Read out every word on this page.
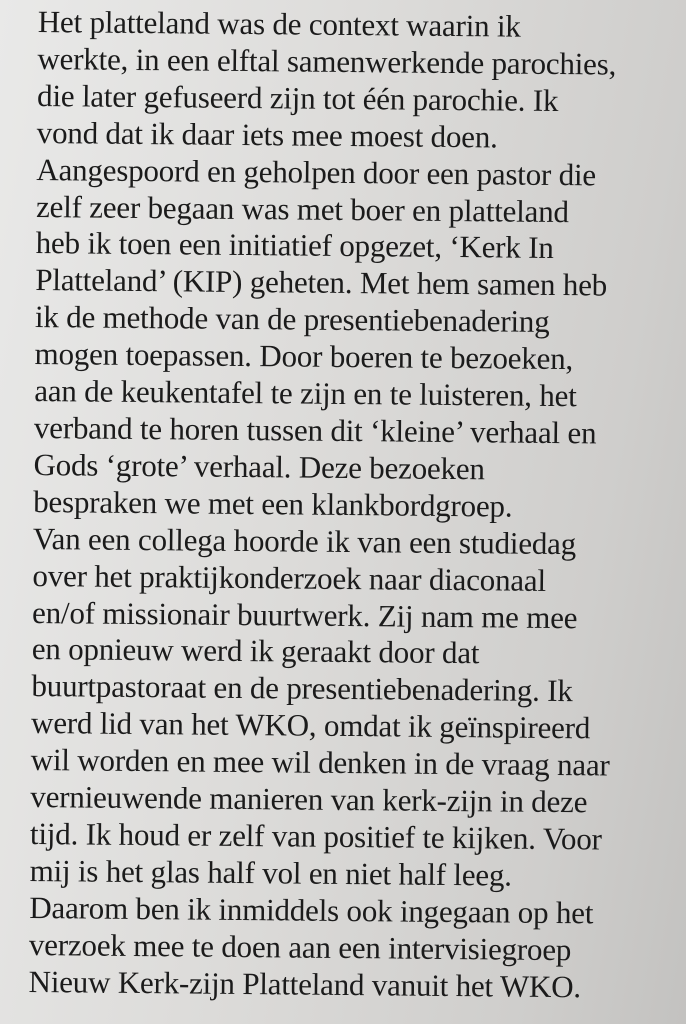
Het platteland was de context waarin ik
werkte, in een elftal samenwerkende parochies,
die later gefuseerd zijn tot één parochie. Ik
vond dat ik daar iets mee moest doen.
Aangespoord en geholpen door een pastor die
zelf zeer begaan was met boer en platteland
heb ik toen een initiatief opgezet, ‘Kerk In
Platteland’ (KIP) geheten. Met hem samen heb
ik de methode van de presentiebenadering
mogen toepassen. Door boeren te bezoeken,
aan de keukentafel te zijn en te luisteren, het
verband te horen tussen dit ‘kleine’ verhaal en
Gods ‘grote’ verhaal. Deze bezoeken
bespraken we met een klankbordgroep.
Van een collega hoorde ik van een studiedag
over het praktijkonderzoek naar diaconaal
en/of missionair buurtwerk. Zij nam me mee
en opnieuw werd ik geraakt door dat
buurtpastoraat en de presentiebenadering. Ik
werd lid van het WKO, omdat ik geïnspireerd
wil worden en mee wil denken in de vraag naar
vernieuwende manieren van kerk-zijn in deze
tijd. Ik houd er zelf van positief te kijken. Voor
mij is het glas half vol en niet half leeg.
Daarom ben ik inmiddels ook ingegaan op het
verzoek mee te doen aan een intervisiegroep
Nieuw Kerk-zijn Platteland vanuit het WKO.
